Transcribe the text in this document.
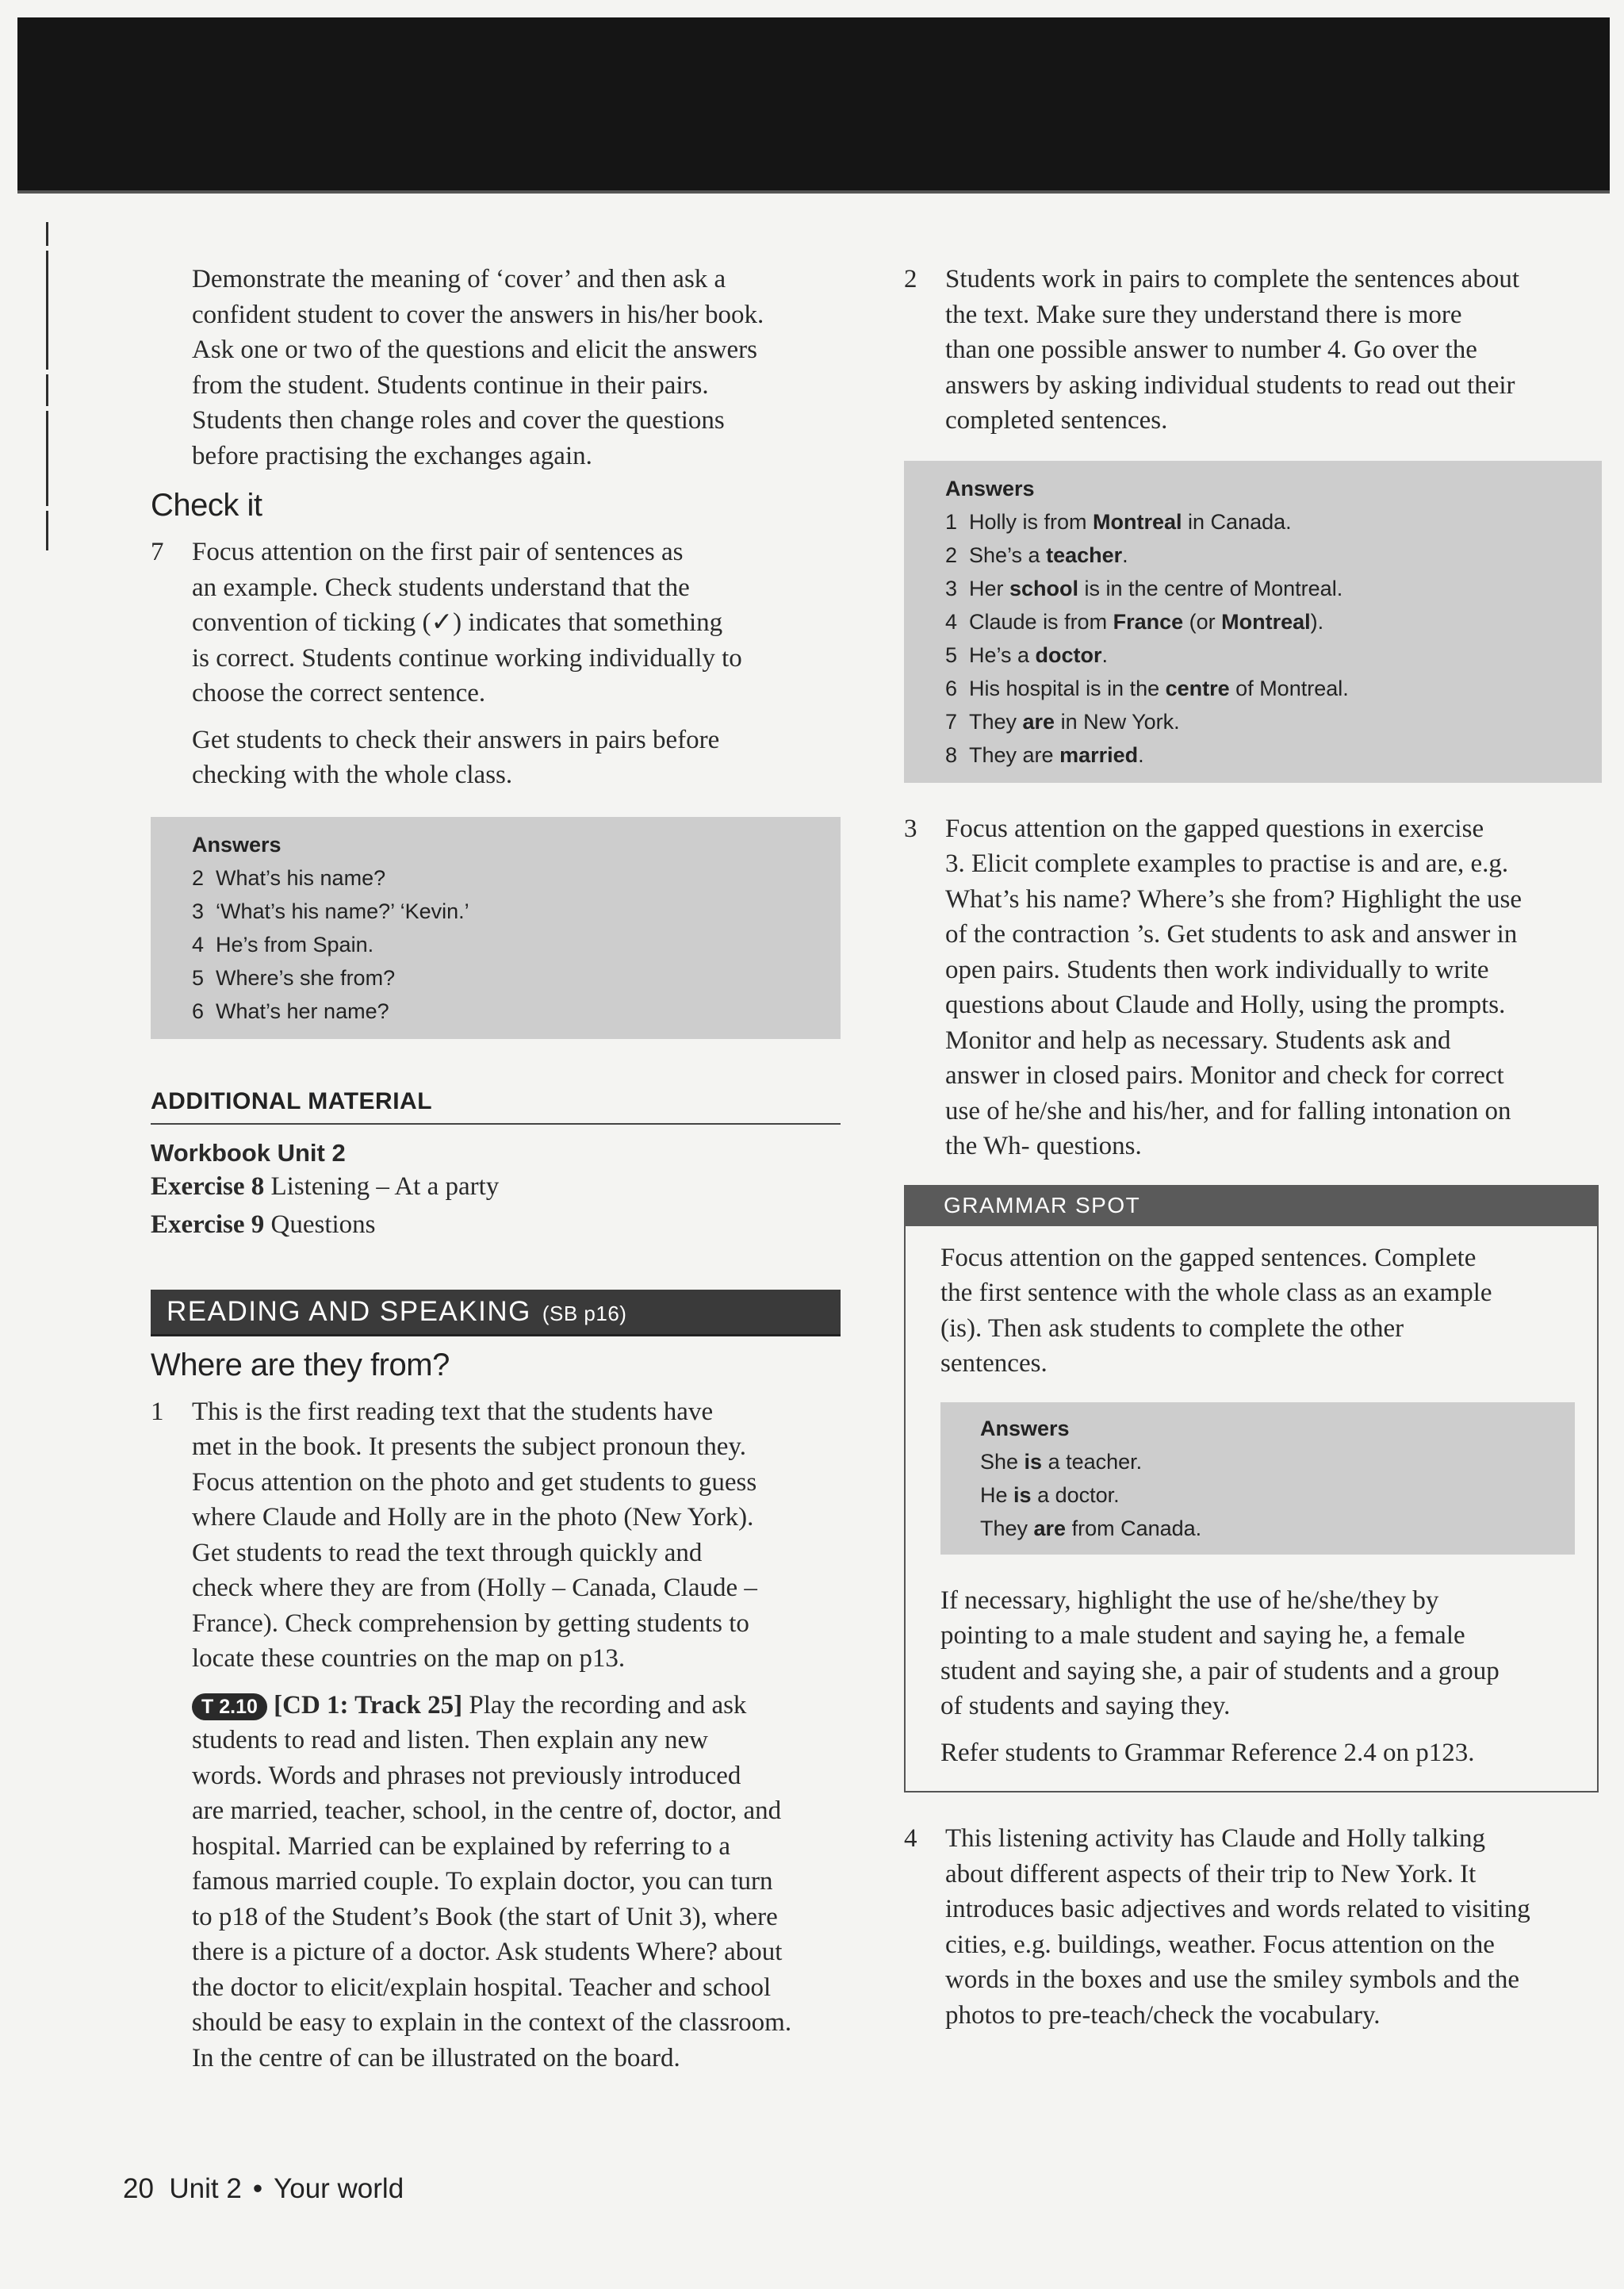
Demonstrate the meaning of ‘cover’ and then ask a

confident student to cover the answers in his/her book.

Ask one or two of the questions and elicit the answers

from the student. Students continue in their pairs.

Students then change roles and cover the questions

before practising the exchanges again.

Check it

7 Focus attention on the first pair of sentences as

an example. Check students understand that the

convention of ticking (✓) indicates that something

is correct. Students continue working individually to

choose the correct sentence.

Get students to check their answers in pairs before

checking with the whole class.

Answers
2 What’s his name?
3 ‘What’s his name?’ ‘Kevin.’
4 He’s from Spain.
5 Where’s she from?
6 What’s her name?
ADDITIONAL MATERIAL
Workbook Unit 2
Exercise 8 Listening – At a party
Exercise 9 Questions
READING AND SPEAKING (SB p16)
Where are they from?

1 This is the first reading text that the students have

met in the book. It presents the subject pronoun they.

Focus attention on the photo and get students to guess

where Claude and Holly are in the photo (New York).

Get students to read the text through quickly and

check where they are from (Holly – Canada, Claude –

France). Check comprehension by getting students to

locate these countries on the map on p13.

T 2.10 [CD 1: Track 25] Play the recording and ask

students to read and listen. Then explain any new

words. Words and phrases not previously introduced

are married, teacher, school, in the centre of, doctor, and

hospital. Married can be explained by referring to a

famous married couple. To explain doctor, you can turn

to p18 of the Student’s Book (the start of Unit 3), where

there is a picture of a doctor. Ask students Where? about

the doctor to elicit/explain hospital. Teacher and school

should be easy to explain in the context of the classroom.

In the centre of can be illustrated on the board.

2 Students work in pairs to complete the sentences about

the text. Make sure they understand there is more

than one possible answer to number 4. Go over the

answers by asking individual students to read out their

completed sentences.

Answers
1 Holly is from Montreal in Canada.
2 She’s a teacher.
3 Her school is in the centre of Montreal.
4 Claude is from France (or Montreal).
5 He’s a doctor.
6 His hospital is in the centre of Montreal.
7 They are in New York.
8 They are married.

3 Focus attention on the gapped questions in exercise

3. Elicit complete examples to practise is and are, e.g.

What’s his name? Where’s she from? Highlight the use

of the contraction ’s. Get students to ask and answer in

open pairs. Students then work individually to write

questions about Claude and Holly, using the prompts.

Monitor and help as necessary. Students ask and

answer in closed pairs. Monitor and check for correct

use of he/she and his/her, and for falling intonation on

the Wh- questions.

GRAMMAR SPOT

Focus attention on the gapped sentences. Complete

the first sentence with the whole class as an example

(is). Then ask students to complete the other

sentences.

Answers
She is a teacher.
He is a doctor.
They are from Canada.

If necessary, highlight the use of he/she/they by

pointing to a male student and saying he, a female

student and saying she, a pair of students and a group

of students and saying they.

Refer students to Grammar Reference 2.4 on p123.

4 This listening activity has Claude and Holly talking

about different aspects of their trip to New York. It

introduces basic adjectives and words related to visiting

cities, e.g. buildings, weather. Focus attention on the

words in the boxes and use the smiley symbols and the

photos to pre-teach/check the vocabulary.

20 Unit 2 • Your world
